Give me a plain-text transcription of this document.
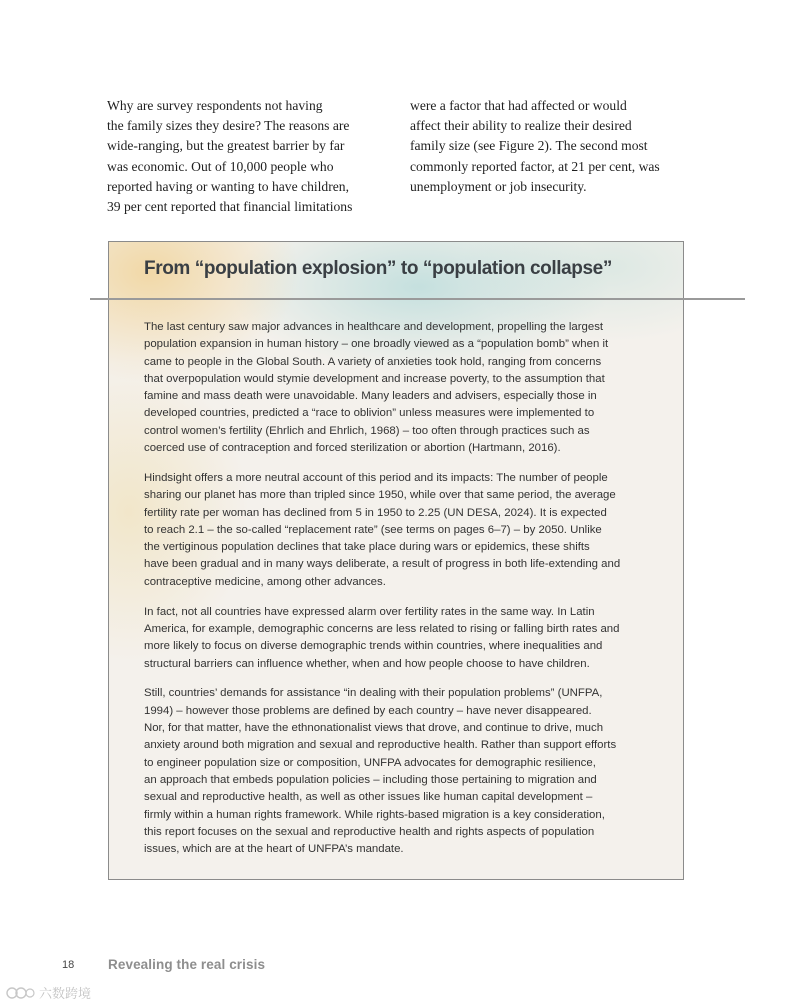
Why are survey respondents not having
the family sizes they desire? The reasons are
wide-ranging, but the greatest barrier by far
was economic. Out of 10,000 people who
reported having or wanting to have children,
39 per cent reported that financial limitations

were a factor that had affected or would
affect their ability to realize their desired
family size (see Figure 2). The second most
commonly reported factor, at 21 per cent, was
unemployment or job insecurity.

From “population explosion” to “population collapse”

The last century saw major advances in healthcare and development, propelling the largest
population expansion in human history – one broadly viewed as a “population bomb” when it
came to people in the Global South. A variety of anxieties took hold, ranging from concerns
that overpopulation would stymie development and increase poverty, to the assumption that
famine and mass death were unavoidable. Many leaders and advisers, especially those in
developed countries, predicted a “race to oblivion” unless measures were implemented to
control women’s fertility (Ehrlich and Ehrlich, 1968) – too often through practices such as
coerced use of contraception and forced sterilization or abortion (Hartmann, 2016).

Hindsight offers a more neutral account of this period and its impacts: The number of people
sharing our planet has more than tripled since 1950, while over that same period, the average
fertility rate per woman has declined from 5 in 1950 to 2.25 (UN DESA, 2024). It is expected
to reach 2.1 – the so-called “replacement rate” (see terms on pages 6–7) – by 2050. Unlike
the vertiginous population declines that take place during wars or epidemics, these shifts
have been gradual and in many ways deliberate, a result of progress in both life-extending and
contraceptive medicine, among other advances.

In fact, not all countries have expressed alarm over fertility rates in the same way. In Latin
America, for example, demographic concerns are less related to rising or falling birth rates and
more likely to focus on diverse demographic trends within countries, where inequalities and
structural barriers can influence whether, when and how people choose to have children.

Still, countries’ demands for assistance “in dealing with their population problems” (UNFPA,
1994) – however those problems are defined by each country – have never disappeared.
Nor, for that matter, have the ethnonationalist views that drove, and continue to drive, much
anxiety around both migration and sexual and reproductive health. Rather than support efforts
to engineer population size or composition, UNFPA advocates for demographic resilience,
an approach that embeds population policies – including those pertaining to migration and
sexual and reproductive health, as well as other issues like human capital development –
firmly within a human rights framework. While rights-based migration is a key consideration,
this report focuses on the sexual and reproductive health and rights aspects of population
issues, which are at the heart of UNFPA’s mandate.

18	Revealing the real crisis
六数跨境
